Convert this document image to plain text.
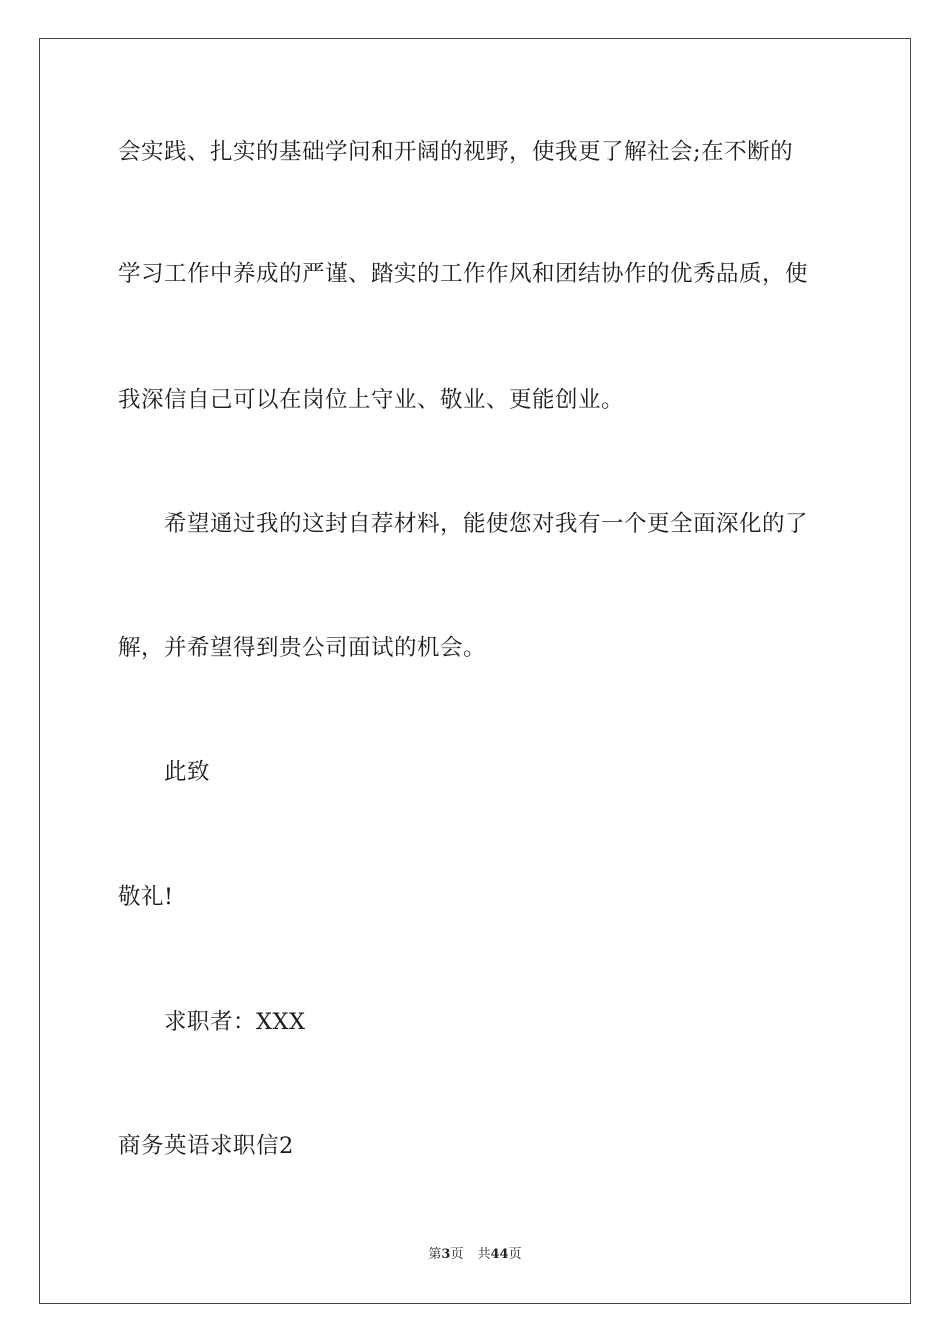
会实践、扎实的基础学问和开阔的视野，使我更了解社会;在不断的
学习工作中养成的严谨、踏实的工作作风和团结协作的优秀品质，使
我深信自己可以在岗位上守业、敬业、更能创业。
希望通过我的这封自荐材料，能使您对我有一个更全面深化的了
解，并希望得到贵公司面试的机会。
此致
敬礼!
求职者：XXX
商务英语求职信2
第3页 共44页
